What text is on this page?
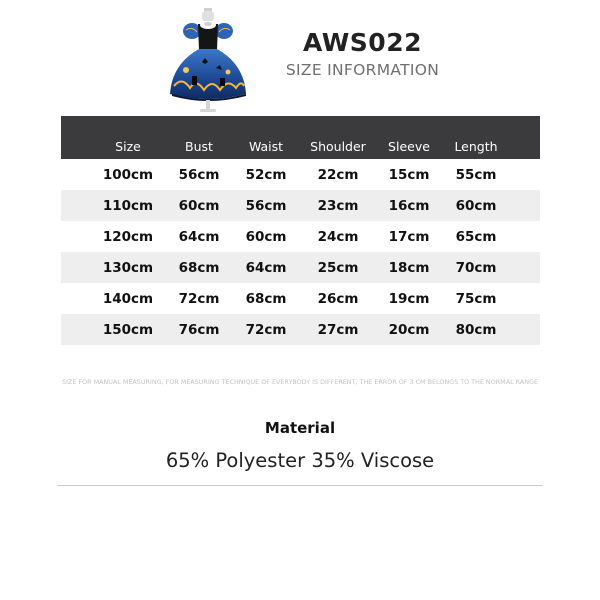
AWS022
SIZE INFORMATION
Size	Bust	Waist	Shoulder	Sleeve	Length
100cm	56cm	52cm	22cm	15cm	55cm
110cm	60cm	56cm	23cm	16cm	60cm
120cm	64cm	60cm	24cm	17cm	65cm
130cm	68cm	64cm	25cm	18cm	70cm
140cm	72cm	68cm	26cm	19cm	75cm
150cm	76cm	72cm	27cm	20cm	80cm
SIZE FOR MANUAL MEASURING, FOR MEASURING TECHNIQUE OF EVERYBODY IS DIFFERENT, THE ERROR OF 3 CM BELONGS TO THE NORMAL RANGE
Material
65% Polyester 35% Viscose
